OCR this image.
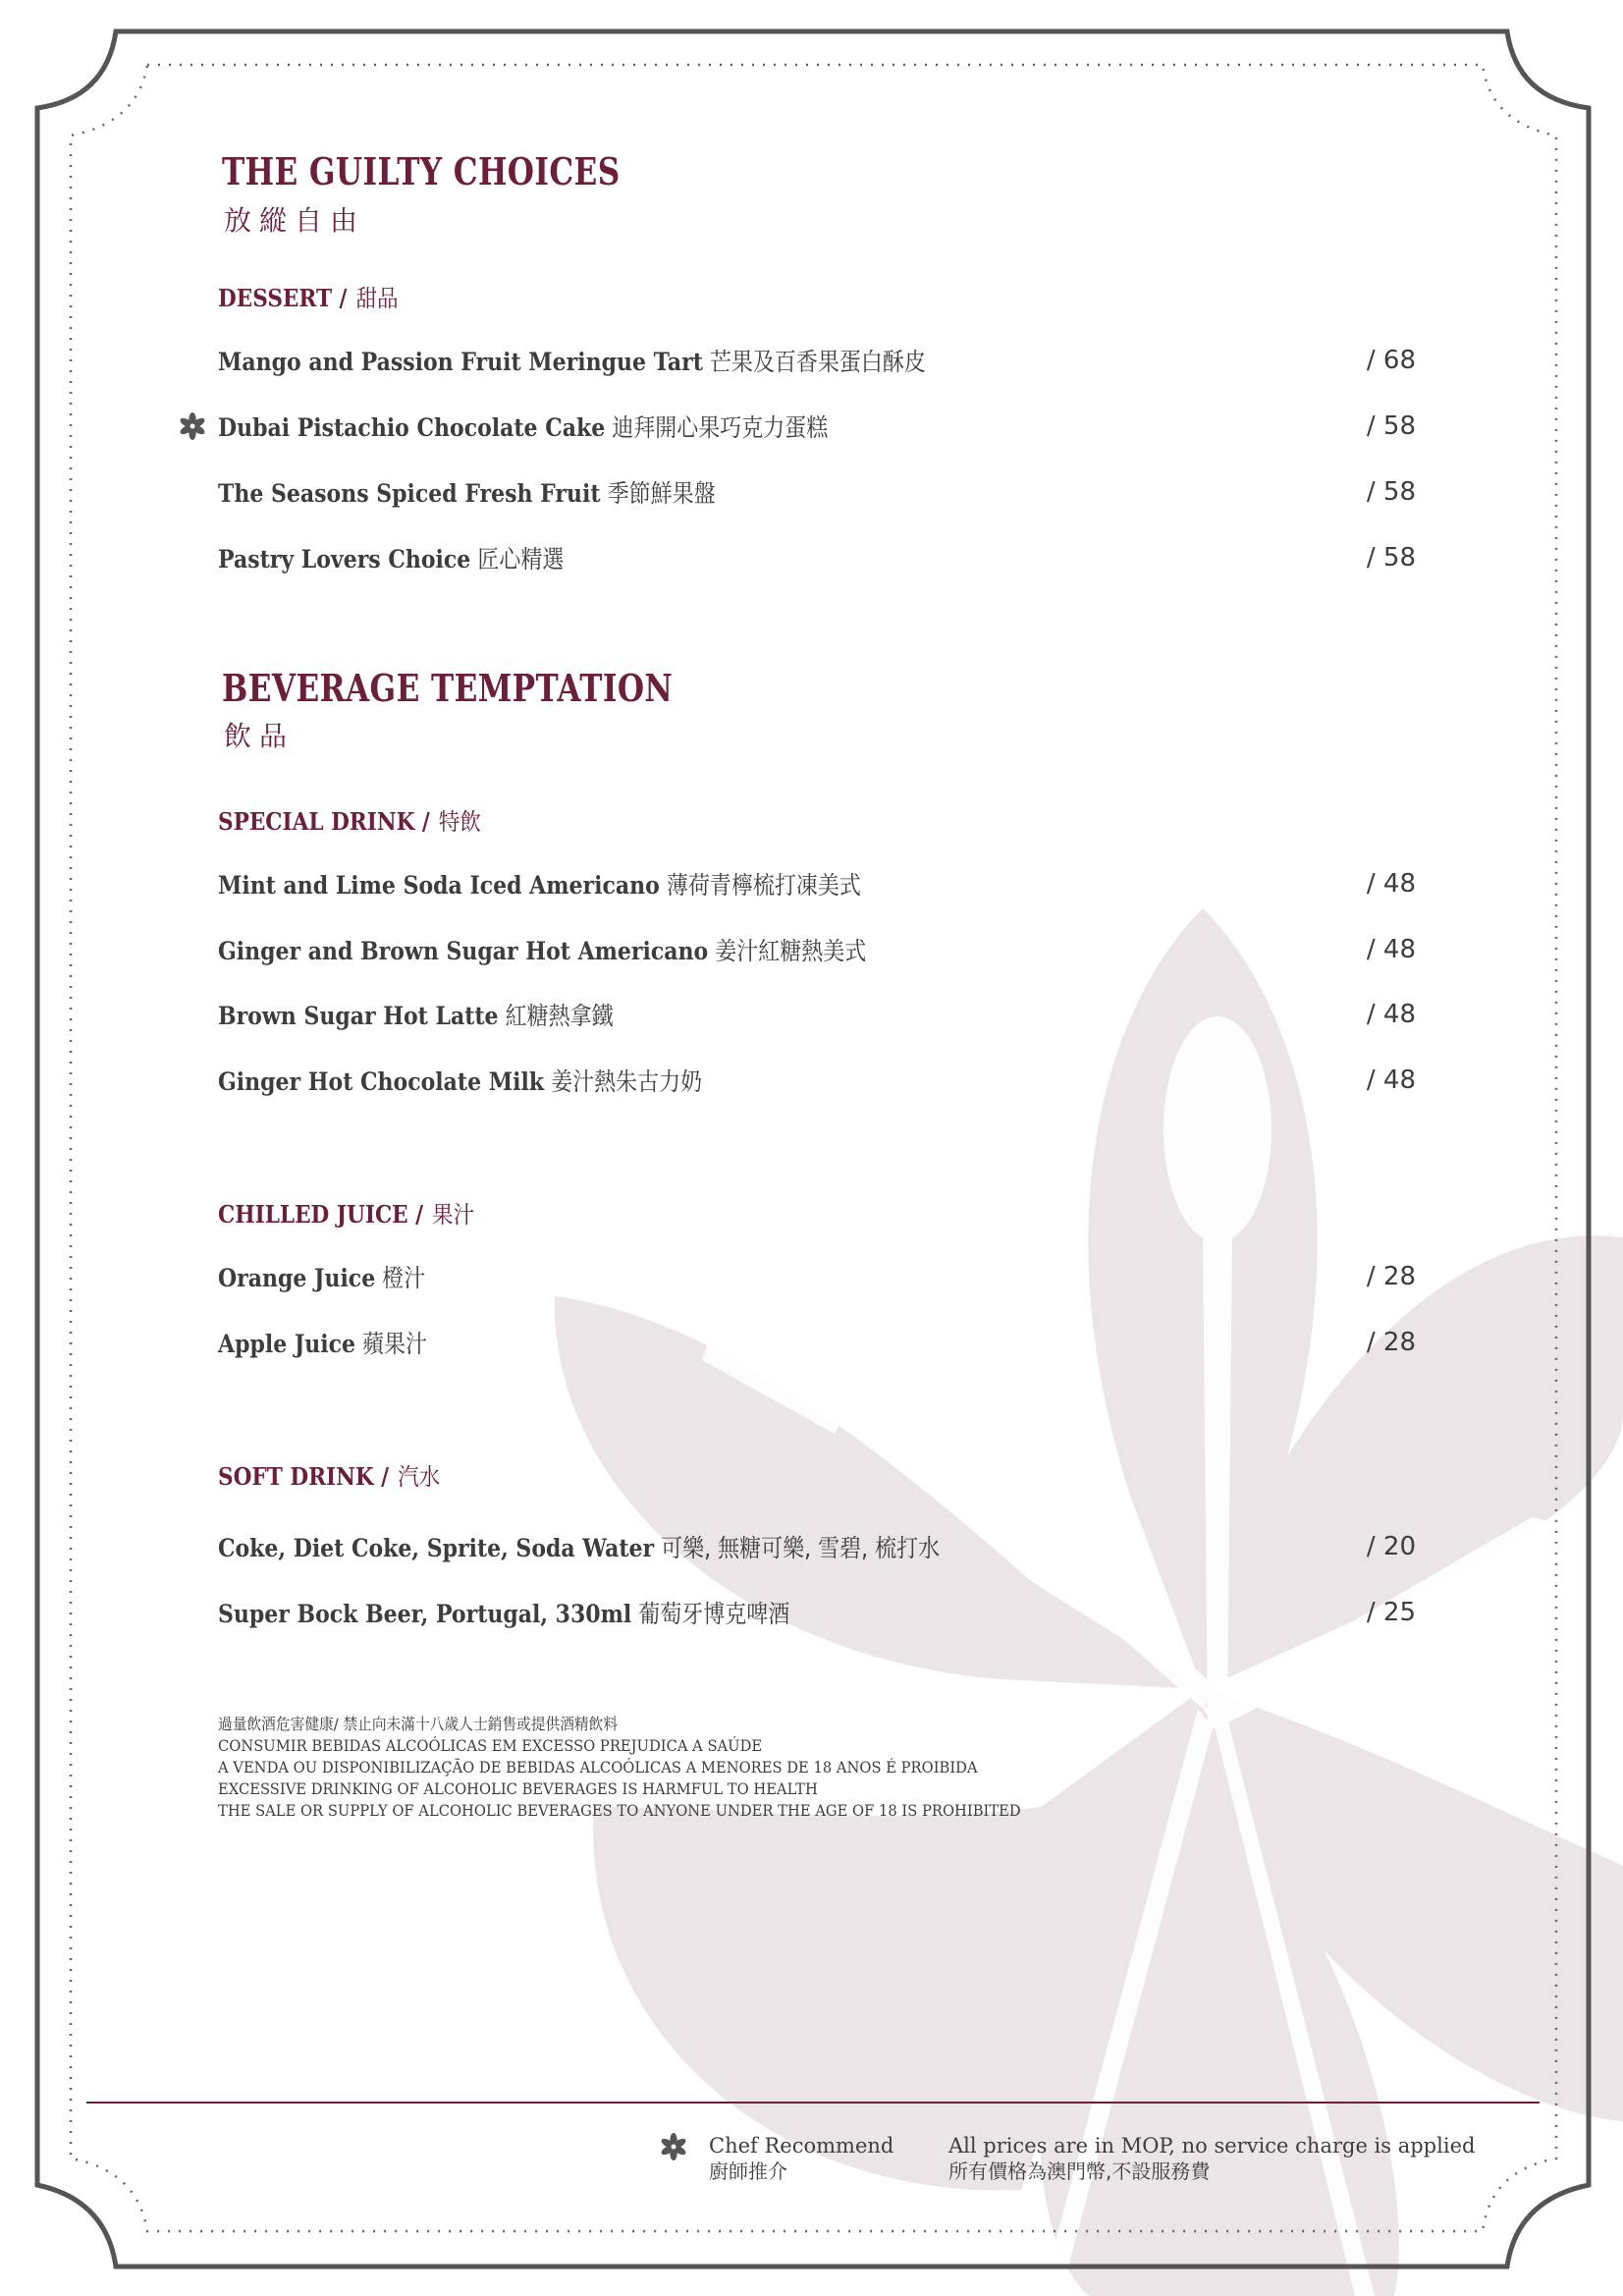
THE GUILTY CHOICES
放縱自由
DESSERT / 甜品
Mango and Passion Fruit Meringue Tart 芒果及百香果蛋白酥皮	/ 68
Dubai Pistachio Chocolate Cake 迪拜開心果巧克力蛋糕	/ 58
The Seasons Spiced Fresh Fruit 季節鮮果盤	/ 58
Pastry Lovers Choice 匠心精選	/ 58
BEVERAGE TEMPTATION
飲品
SPECIAL DRINK / 特飲
Mint and Lime Soda Iced Americano 薄荷青檸梳打凍美式	/ 48
Ginger and Brown Sugar Hot Americano 姜汁紅糖熱美式	/ 48
Brown Sugar Hot Latte 紅糖熱拿鐵	/ 48
Ginger Hot Chocolate Milk 姜汁熱朱古力奶	/ 48
CHILLED JUICE / 果汁
Orange Juice 橙汁	/ 28
Apple Juice 蘋果汁	/ 28
SOFT DRINK / 汽水
Coke, Diet Coke, Sprite, Soda Water 可樂, 無糖可樂, 雪碧, 梳打水	/ 20
Super Bock Beer, Portugal, 330ml 葡萄牙博克啤酒	/ 25
過量飲酒危害健康/ 禁止向未滿十八歲人士銷售或提供酒精飲料
CONSUMIR BEBIDAS ALCOÓLICAS EM EXCESSO PREJUDICA A SAÚDE
A VENDA OU DISPONIBILIZAÇÃO DE BEBIDAS ALCOÓLICAS A MENORES DE 18 ANOS É PROIBIDA
EXCESSIVE DRINKING OF ALCOHOLIC BEVERAGES IS HARMFUL TO HEALTH
THE SALE OR SUPPLY OF ALCOHOLIC BEVERAGES TO ANYONE UNDER THE AGE OF 18 IS PROHIBITED
Chef Recommend
廚師推介
All prices are in MOP, no service charge is applied
所有價格為澳門幣,不設服務費
